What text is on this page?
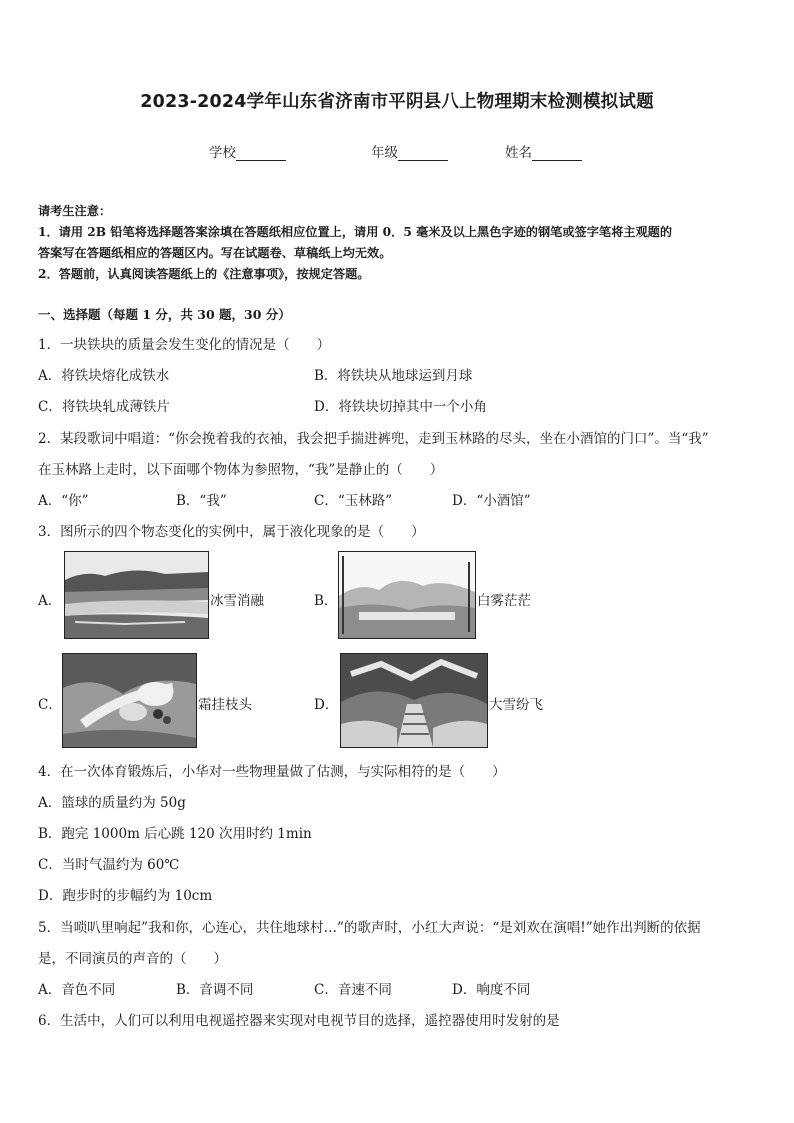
2023-2024学年山东省济南市平阴县八上物理期末检测模拟试题
学校	年级	姓名
请考生注意：
1．请用 2B 铅笔将选择题答案涂填在答题纸相应位置上，请用 0．5 毫米及以上黑色字迹的钢笔或签字笔将主观题的
答案写在答题纸相应的答题区内。写在试题卷、草稿纸上均无效。
2．答题前，认真阅读答题纸上的《注意事项》，按规定答题。
一、选择题（每题 1 分，共 30 题，30 分）
1．一块铁块的质量会发生变化的情况是（　　）
A．将铁块熔化成铁水	B．将铁块从地球运到月球
C．将铁块轧成薄铁片	D．将铁块切掉其中一个小角
2．某段歌词中唱道：“你会挽着我的衣袖，我会把手揣进裤兜，走到玉林路的尽头，坐在小酒馆的门口”。当“我”
在玉林路上走时，以下面哪个物体为参照物，“我”是静止的（　　）
A．“你”	B．“我”	C．“玉林路”	D．“小酒馆”
3．图所示的四个物态变化的实例中，属于液化现象的是（　　）
A．	冰雪消融	B．	白雾茫茫
C．	霜挂枝头	D．	大雪纷飞
4．在一次体育锻炼后，小华对一些物理量做了估测，与实际相符的是（　　）
A．篮球的质量约为 50g
B．跑完 1000m 后心跳 120 次用时约 1min
C．当时气温约为 60℃
D．跑步时的步幅约为 10cm
5．当唢叭里响起”我和你，心连心，共住地球村…”的歌声时，小红大声说：“是刘欢在演唱!”她作出判断的依据
是，不同演员的声音的（　　）
A．音色不同	B．音调不同	C．音速不同	D．响度不同
6．生活中，人们可以利用电视遥控器来实现对电视节目的选择，遥控器使用时发射的是
